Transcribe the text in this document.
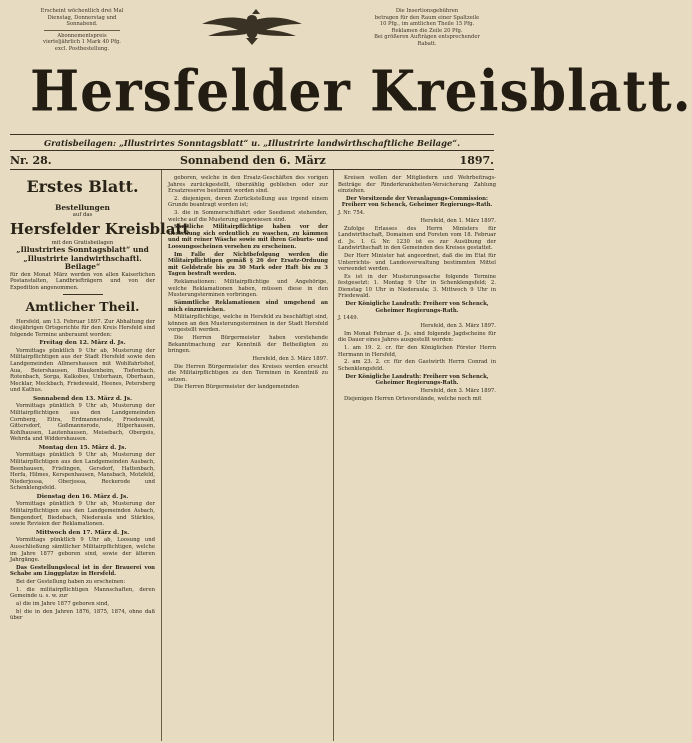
Erscheint wöchentlich drei Mal
Dienstag, Donnerstag und Sonnabend.
Abonnementspreis
vierteljährlich 1 Mark 40 Pfg.
excl. Postbestellung.
Die Insertionsgebühren
betragen für den Raum einer Spaltzeile
10 Pfg., im amtlichen Theile 15 Pfg.
Reklamen die Zeile 20 Pfg.
Bei größeren Aufträgen entsprechender
Rabatt.
Hersfelder Kreisblatt.
Gratisbeilagen: „Illustrirtes Sonntagsblatt“ u. „Illustrirte landwirthschaftliche Beilage“.
Nr. 28.	Sonnabend den 6. März	1897.
Erstes Blatt.
Bestellungen
auf das
Hersfelder Kreisblatt
mit den Gratisbeilagen
„Illustrirtes Sonntagsblatt“ und „Illustrirte landwirthschaftl. Beilage“

für den Monat März werden von allen Kaiserlichen Postanstalten, Landbriefträgern und von der Expedition angenommen.

Amtlicher Theil.

Hersfeld, am 13. Februar 1897. Zur Abhaltung der diesjährigen Ortsgerichte für den Kreis Hersfeld sind folgende Termine anberaumt worden:

Freitag den 12. März d. Js.

Vormittags pünktlich 9 Uhr ab, Musterung der Militairpflichtigen aus der Stadt Hersfeld sowie den Landgemeinden Allmershausen mit Wohlfahrtshof, Aua, Beiershausen, Blaukenheim, Tiefenbach, Rotenbach, Sorga, Kalkobes, Unterhaun, Oberhaun, Mecklar, Meckbach, Friedewald, Heenes, Petersberg und Kathus.

Sonnabend den 13. März d. Js.

Vormittags pünktlich 9 Uhr ab, Musterung der Militairpflichtigen aus den Landgemeinden Cornberg, Eitra, Erdmannsrode, Friedewald, Gittersdorf, Goßmannsrode, Hilperhausen, Kohlhausen, Lautenhausen, Meisebach, Obergeis, Wehrda und Widdershausen.

Montag den 15. März d. Js.

Vormittags pünktlich 9 Uhr ab, Musterung der Militairpflichtigen aus den Landgemeinden Ausbach, Beenhausen, Frielingen, Gersdorf, Hattenbach, Herfa, Hilmes, Kerspenhausen, Mansbach, Motzfeld, Niederjossa, Oberjossa, Reckerode und Schenklengsfeld.

Dienstag den 16. März d. Js.

Vormittags pünktlich 9 Uhr ab, Musterung der Militairpflichtigen aus den Landgemeinden Asbach, Bengendorf, Biedebach, Niederaula und Stärklos, sowie Revision der Reklamationen.

Mittwoch den 17. März d. Js.

Vormittags pünktlich 9 Uhr ab, Loosung und Ausschließung sämtlicher Militairpflichtigen, welche im Jahre 1877 geboren sind, sowie der älteren Jahrgänge.

Das Gestellungslocal ist in der Brauerei von Schabe am Linggplatze in Hersfeld.

Bei der Gestellung haben zu erscheinen:

1. die militairpflichtigen Mannschaften, deren Gemeinde u. s. w. zur

a) die im Jahre 1877 geboren sind,

b) die in den Jahren 1876, 1875, 1874, ohne daß über

geboren, welche in den Ersatz-Geschäften des vorigen Jahres zurückgestellt, überzählig geblieben oder zur Ersatzreserve bestimmt worden sind.

2. diejenigen, deren Zurückstellung aus irgend einem Grunde beantragt worden ist;

3. die in Sommerschiffahrt oder Seedienst stehenden, welche auf die Musterung angewiesen sind.

Sämtliche Militairpflichtige haben vor der Gestellung sich ordentlich zu waschen, zu kämmen und mit reiner Wäsche sowie mit ihren Geburts- und Loosungsscheinen versehen zu erscheinen.

Im Falle der Nichtbefolgung werden die Militairpflichtigen gemäß § 26 der Ersatz-Ordnung mit Geldstrafe bis zu 30 Mark oder Haft bis zu 3 Tagen bestraft werden.

Reklamationen: Militairpflichtige und Angehörige, welche Reklamationen haben, müssen diese in den Musterungsterminen vorbringen.

Sämmtliche Reklamationen sind umgehend an mich einzureichen.

Militairpflichtige, welche in Hersfeld zu beschäftigt sind, können an den Musterungsterminen in der Stadt Hersfeld vorgestellt werden.

Die Herren Bürgermeister haben vorstehende Bekanntmachung zur Kenntniß der Betheiligten zu bringen.

Hersfeld, den 3. März 1897.

Die Herren Bürgermeister des Kreises werden ersucht die Militairpflichtigen zu den Terminen in Kenntniß zu setzen.

Die Herren Bürgermeister der landgemeinden

Kreisen wollen der Mitgliedern und Wehrbeitrags-Beiträge der Rinderkrankheiten-Versicherung Zahlung einziehen.

Der Vorsitzende der Veranlagungs-Commission: Freiherr von Schenck, Geheimer Regierungs-Rath.

J. Nr. 754.

Hersfeld, den 1. März 1897.

Zufolge Erlasses des Herrn Ministers für Landwirthschaft, Domainen und Forsten vom 18. Februar d. Js. I. G. Nr. 1230 ist es zur Ausübung der Landwirthschaft in den Gemeinden des Kreises gestattet.

Der Herr Minister hat angeordnet, daß die im Etat für Unterrichts- und Landesverwaltung bestimmten Mittel verwendet werden.

Es ist in der Musterungssache folgende Termine festgesetzt: 1. Montag 9 Uhr in Schenklengsfeld; 2. Dienstag 10 Uhr in Niederaula; 3. Mittwoch 9 Uhr in Friedewald.

Der Königliche Landrath: Freiherr von Schenck, Geheimer Regierungs-Rath.

J. 1449.

Hersfeld, den 3. März 1897.

Im Monat Februar d. Js. sind folgende Jagdscheine für die Dauer eines Jahres ausgestellt worden:

1. am 19. 2. cr. für den Königlichen Förster Herrn Hermann in Hersfeld,

2. am 23. 2. cr. für den Gastwirth Herrn Conrad in Schenklengsfeld.

Der Königliche Landrath: Freiherr von Schenck, Geheimer Regierungs-Rath.

Hersfeld, den 3. März 1897.

Diejenigen Herren Ortsvorstände, welche noch mit
